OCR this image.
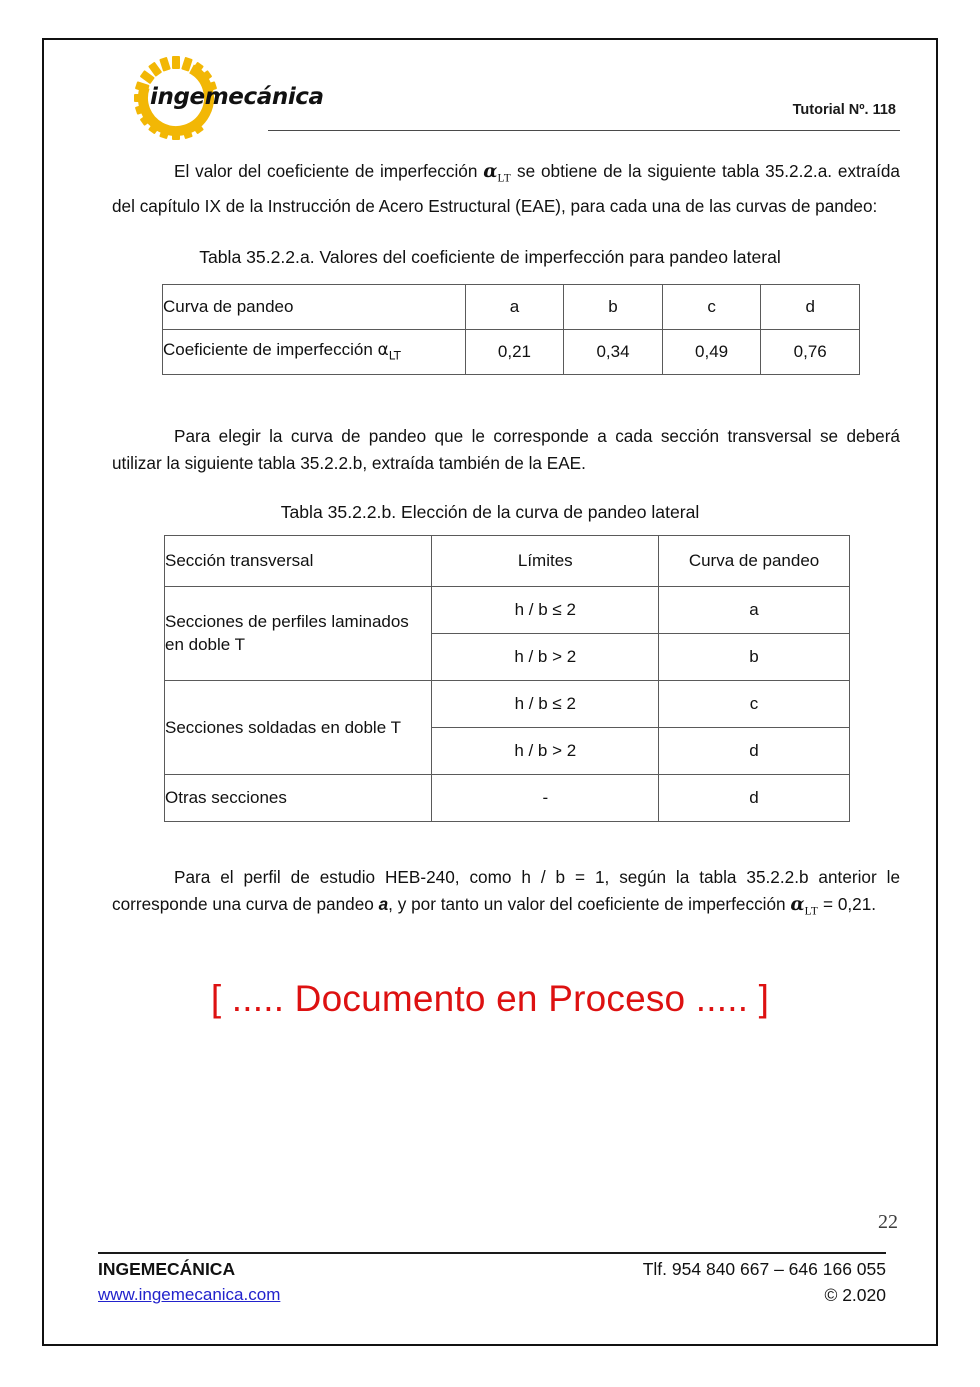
ingemecánica	Tutorial Nº. 118

El valor del coeficiente de imperfección $\alpha_{LT}$ se obtiene de la siguiente tabla 35.2.2.a. extraída del capítulo IX de la Instrucción de Acero Estructural (EAE), para cada una de las curvas de pandeo:

Tabla 35.2.2.a. Valores del coeficiente de imperfección para pandeo lateral
Curva de pandeo	a	b	c	d
Coeficiente de imperfección $\alpha_{LT}$	0,21	0,34	0,49	0,76

Para elegir la curva de pandeo que le corresponde a cada sección transversal se deberá utilizar la siguiente tabla 35.2.2.b, extraída también de la EAE.

Tabla 35.2.2.b. Elección de la curva de pandeo lateral
Sección transversal	Límites	Curva de pandeo
Secciones de perfiles laminados en doble T	h / b ≤ 2	a
	h / b > 2	b
Secciones soldadas en doble T	h / b ≤ 2	c
	h / b > 2	d
Otras secciones	-	d

Para el perfil de estudio HEB-240, como h / b = 1, según la tabla 35.2.2.b anterior le corresponde una curva de pandeo a, y por tanto un valor del coeficiente de imperfección $\alpha_{LT} = 0,21$.

[ ..... Documento en Proceso ..... ]
22
INGEMECÁNICA
www.ingemecanica.com
Tlf. 954 840 667 – 646 166 055
© 2.020
